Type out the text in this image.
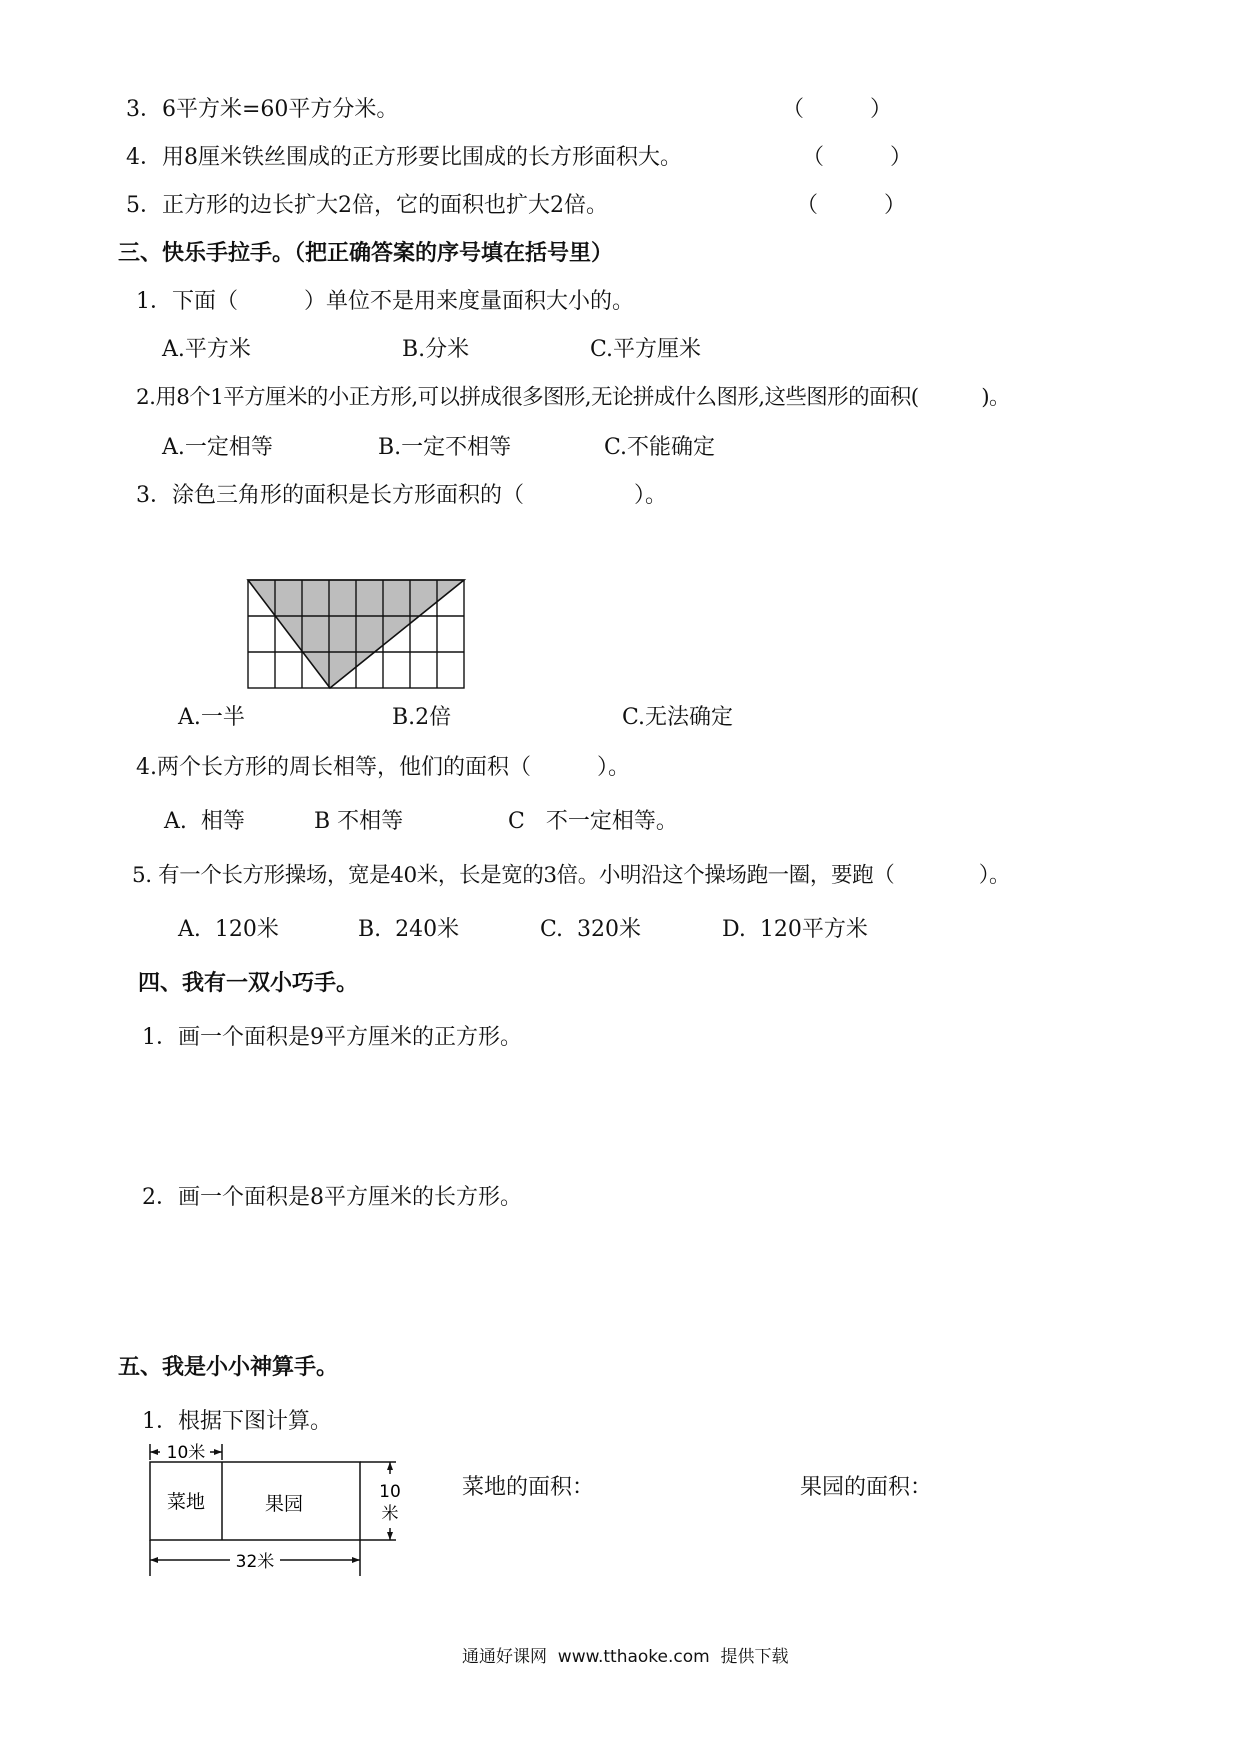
3．6平方米=60平方分米。	（　　　）
4．用8厘米铁丝围成的正方形要比围成的长方形面积大。	（　　　）
5．正方形的边长扩大2倍，它的面积也扩大2倍。	（　　　）
三、快乐手拉手。（把正确答案的序号填在括号里）
1．下面（　　　）单位不是用来度量面积大小的。
A.平方米	B.分米	C.平方厘米
2.用8个1平方厘米的小正方形,可以拼成很多图形,无论拼成什么图形,这些图形的面积(　　　)。
A.一定相等	B.一定不相等	C.不能确定
3．涂色三角形的面积是长方形面积的（　　　　　）。
A.一半	B.2倍	C.无法确定
4.两个长方形的周长相等，他们的面积（　　　）。
A.  相等	B 不相等	C   不一定相等。
5. 有一个长方形操场，宽是40米，长是宽的3倍。小明沿这个操场跑一圈，要跑（　　　　）。
A.  120米	B.  240米	C.  320米	D.  120平方米
四、我有一双小巧手。
1．画一个面积是9平方厘米的正方形。
2．画一个面积是8平方厘米的长方形。
五、我是小小神算手。
1．根据下图计算。
10米
菜地	果园
10
米
32米
菜地的面积：	果园的面积：
通通好课网  www.tthaoke.com  提供下载
